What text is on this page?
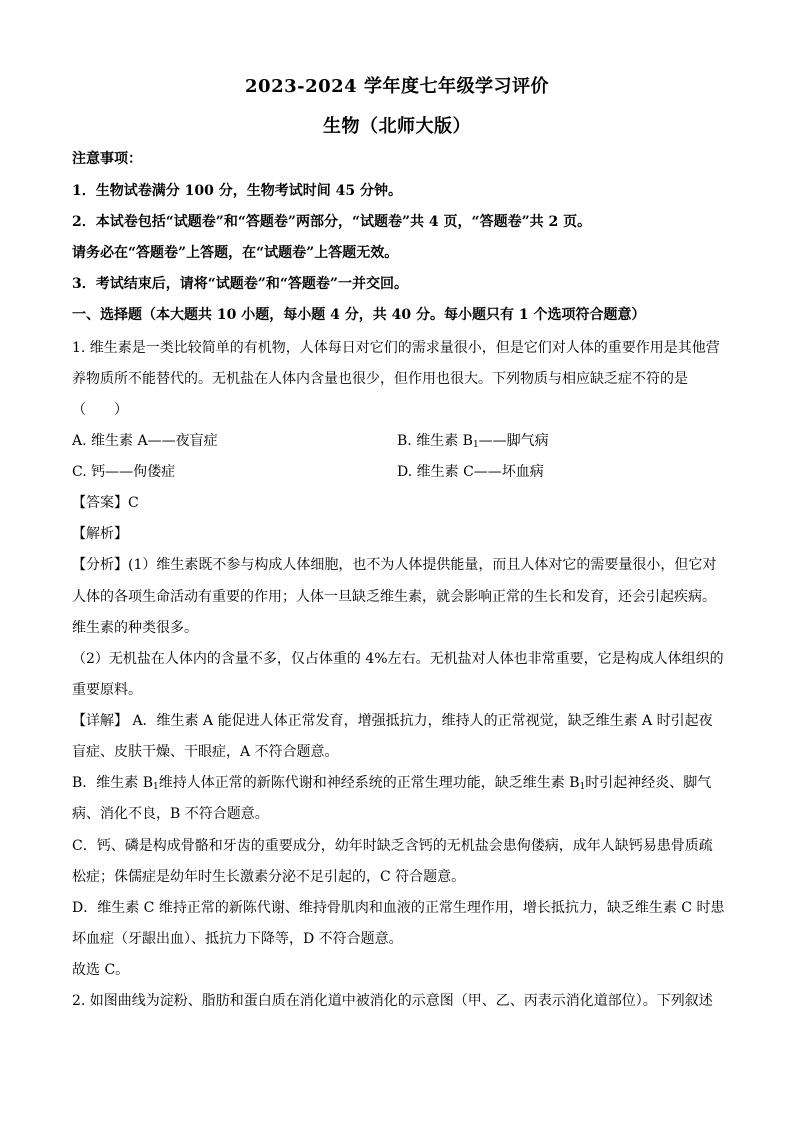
2023-2024 学年度七年级学习评价
生物（北师大版）
注意事项：
1．生物试卷满分 100 分，生物考试时间 45 分钟。
2．本试卷包括“试题卷”和“答题卷”两部分，“试题卷”共 4 页，“答题卷”共 2 页。
请务必在“答题卷”上答题，在“试题卷”上答题无效。
3．考试结束后，请将“试题卷”和“答题卷”一并交回。
一、选择题（本大题共 10 小题，每小题 4 分，共 40 分。每小题只有 1 个选项符合题意）
1. 维生素是一类比较简单的有机物，人体每日对它们的需求量很小，但是它们对人体的重要作用是其他营
养物质所不能替代的。无机盐在人体内含量也很少，但作用也很大。下列物质与相应缺乏症不符的是
（　　）
A. 维生素 A——夜盲症	B. 维生素 $B_1——$脚气病
C. 钙——佝偻症	D. 维生素 C——坏血病
【答案】C
【解析】
【分析】(1）维生素既不参与构成人体细胞，也不为人体提供能量，而且人体对它的需要量很小，但它对
人体的各项生命活动有重要的作用；人体一旦缺乏维生素，就会影响正常的生长和发育，还会引起疾病。
维生素的种类很多。
（2）无机盐在人体内的含量不多，仅占体重的 4%左右。无机盐对人体也非常重要，它是构成人体组织的
重要原料。
【详解】 A．维生素 A 能促进人体正常发育，增强抵抗力，维持人的正常视觉，缺乏维生素 A 时引起夜
盲症、皮肤干燥、干眼症，A 不符合题意。
B．维生素 $B_1$维持人体正常的新陈代谢和神经系统的正常生理功能，缺乏维生素 $B_1$时引起神经炎、脚气
病、消化不良，B 不符合题意。
C．钙、磷是构成骨骼和牙齿的重要成分，幼年时缺乏含钙的无机盐会患佝偻病，成年人缺钙易患骨质疏
松症；侏儒症是幼年时生长激素分泌不足引起的，C 符合题意。
D．维生素 C 维持正常的新陈代谢、维持骨肌肉和血液的正常生理作用，增长抵抗力，缺乏维生素 C 时患
坏血症（牙龈出血）、抵抗力下降等，D 不符合题意。
故选 C。
2. 如图曲线为淀粉、脂肪和蛋白质在消化道中被消化的示意图（甲、乙、丙表示消化道部位）。下列叙述
